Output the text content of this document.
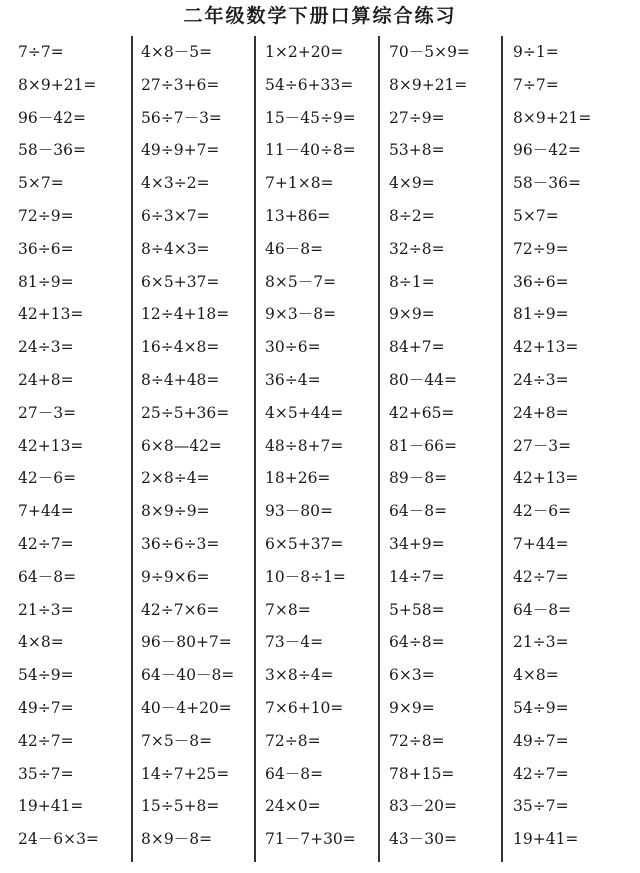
二年级数学下册口算综合练习
7÷7=
8×9+21=
96－42=
58－36=
5×7=
72÷9=
36÷6=
81÷9=
42+13=
24÷3=
24+8=
27－3=
42+13=
42－6=
7+44=
42÷7=
64－8=
21÷3=
4×8=
54÷9=
49÷7=
42÷7=
35÷7=
19+41=
24－6×3=
4×8－5=
27÷3+6=
56÷7－3=
49÷9+7=
4×3÷2=
6÷3×7=
8÷4×3=
6×5+37=
12÷4+18=
16÷4×8=
8÷4+48=
25÷5+36=
6×8—42=
2×8÷4=
8×9÷9=
36÷6÷3=
9÷9×6=
42÷7×6=
96－80+7=
64－40－8=
40－4+20=
7×5－8=
14÷7+25=
15÷5+8=
8×9－8=
1×2+20=
54÷6+33=
15－45÷9=
11－40÷8=
7+1×8=
13+86=
46－8=
8×5－7=
9×3－8=
30÷6=
36÷4=
4×5+44=
48÷8+7=
18+26=
93－80=
6×5+37=
10－8÷1=
7×8=
73－4=
3×8÷4=
7×6+10=
72÷8=
64－8=
24×0=
71－7+30=
70－5×9=
8×9+21=
27÷9=
53+8=
4×9=
8÷2=
32÷8=
8÷1=
9×9=
84+7=
80－44=
42+65=
81－66=
89－8=
64－8=
34+9=
14÷7=
5+58=
64÷8=
6×3=
9×9=
72÷8=
78+15=
83－20=
43－30=
9÷1=
7÷7=
8×9+21=
96－42=
58－36=
5×7=
72÷9=
36÷6=
81÷9=
42+13=
24÷3=
24+8=
27－3=
42+13=
42－6=
7+44=
42÷7=
64－8=
21÷3=
4×8=
54÷9=
49÷7=
42÷7=
35÷7=
19+41=
